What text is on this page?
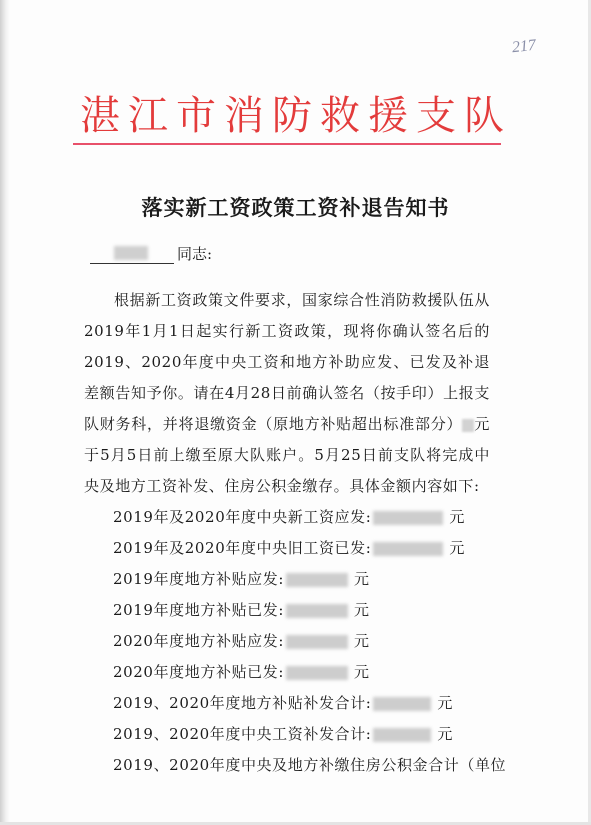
217
湛江市消防救援支队
落实新工资政策工资补退告知书
同志:

根据新工资政策文件要求，国家综合性消防救援队伍从2019年1月1日起实行新工资政策，现将你确认签名后的2019、2020年度中央工资和地方补助应发、已发及补退差额告知予你。请在4月28日前确认签名（按手印）上报支队财务科，并将退缴资金（原地方补贴超出标准部分） 元于5月5日前上缴至原大队账户。5月25日前支队将完成中央及地方工资补发、住房公积金缴存。具体金额内容如下:

2019年及2020年度中央新工资应发:	元
2019年及2020年度中央旧工资已发:	元
2019年度地方补贴应发:	元
2019年度地方补贴已发:	元
2020年度地方补贴应发:	元
2020年度地方补贴已发:	元
2019、2020年度地方补贴补发合计:	元
2019、2020年度中央工资补发合计:	元
2019、2020年度中央及地方补缴住房公积金合计（单位
